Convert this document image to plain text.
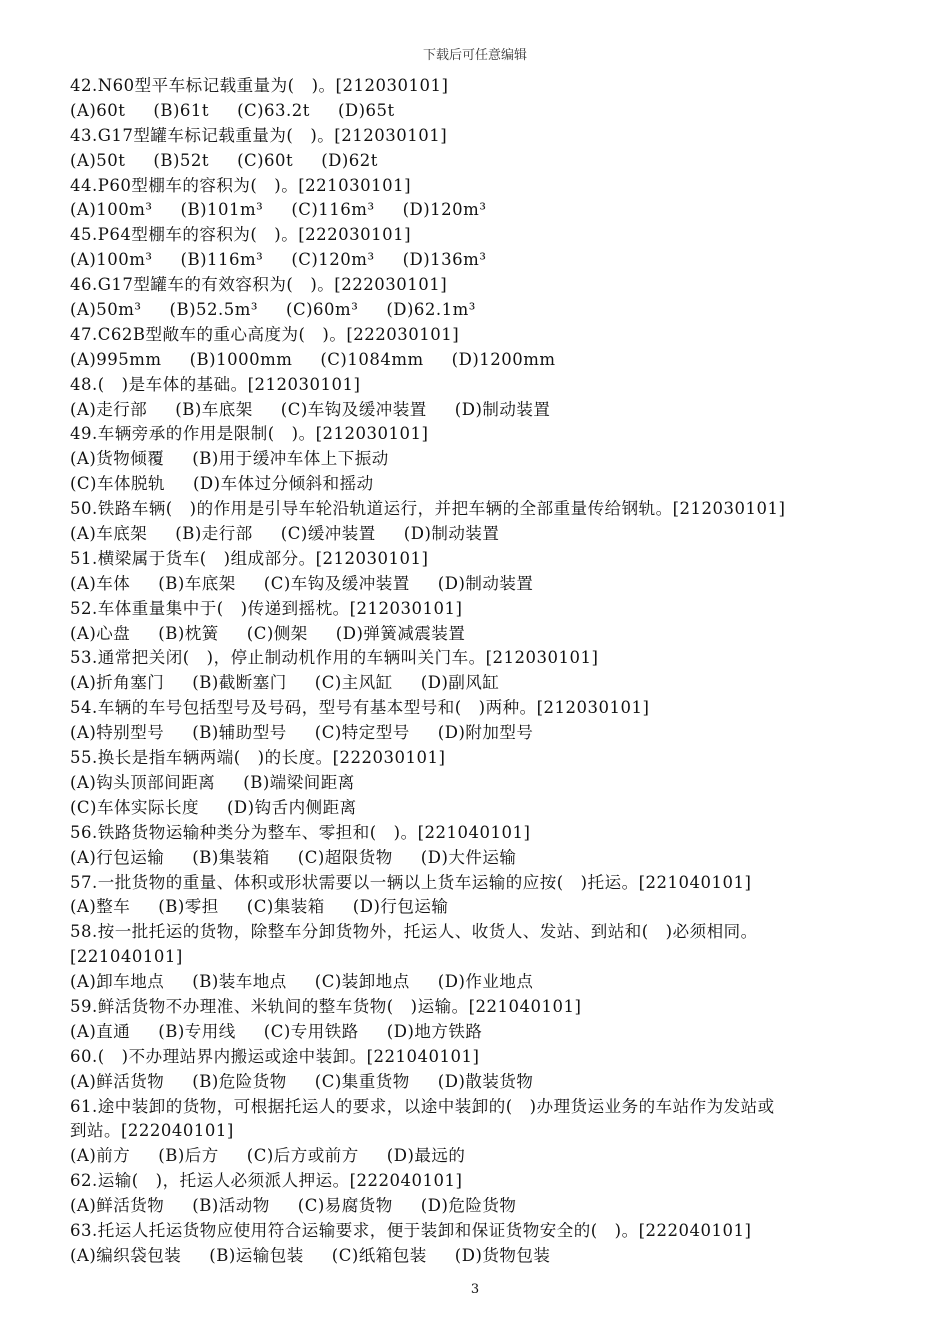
下载后可任意编辑
42.N60型平车标记载重量为(　)。[212030101]
(A)60t (B)61t (C)63.2t (D)65t
43.G17型罐车标记载重量为(　)。[212030101]
(A)50t (B)52t (C)60t (D)62t
44.P60型棚车的容积为(　)。[221030101]
(A)100m³ (B)101m³ (C)116m³ (D)120m³
45.P64型棚车的容积为(　)。[222030101]
(A)100m³ (B)116m³ (C)120m³ (D)136m³
46.G17型罐车的有效容积为(　)。[222030101]
(A)50m³ (B)52.5m³ (C)60m³ (D)62.1m³
47.C62B型敞车的重心高度为(　)。[222030101]
(A)995mm (B)1000mm (C)1084mm (D)1200mm
48.(　)是车体的基础。[212030101]
(A)走行部 (B)车底架 (C)车钩及缓冲装置 (D)制动装置
49.车辆旁承的作用是限制(　)。[212030101]
(A)货物倾覆 (B)用于缓冲车体上下振动
(C)车体脱轨 (D)车体过分倾斜和摇动
50.铁路车辆(　)的作用是引导车轮沿轨道运行，并把车辆的全部重量传给钢轨。[212030101]
(A)车底架 (B)走行部 (C)缓冲装置 (D)制动装置
51.横梁属于货车(　)组成部分。[212030101]
(A)车体 (B)车底架 (C)车钩及缓冲装置 (D)制动装置
52.车体重量集中于(　)传递到摇枕。[212030101]
(A)心盘 (B)枕簧 (C)侧架 (D)弹簧减震装置
53.通常把关闭(　)，停止制动机作用的车辆叫关门车。[212030101]
(A)折角塞门 (B)截断塞门 (C)主风缸 (D)副风缸
54.车辆的车号包括型号及号码，型号有基本型号和(　)两种。[212030101]
(A)特别型号 (B)辅助型号 (C)特定型号 (D)附加型号
55.换长是指车辆两端(　)的长度。[222030101]
(A)钩头顶部间距离 (B)端梁间距离
(C)车体实际长度 (D)钩舌内侧距离
56.铁路货物运输种类分为整车、零担和(　)。[221040101]
(A)行包运输 (B)集装箱 (C)超限货物 (D)大件运输
57.一批货物的重量、体积或形状需要以一辆以上货车运输的应按(　)托运。[221040101]
(A)整车 (B)零担 (C)集装箱 (D)行包运输
58.按一批托运的货物，除整车分卸货物外，托运人、收货人、发站、到站和(　)必须相同。
[221040101]
(A)卸车地点 (B)装车地点 (C)装卸地点 (D)作业地点
59.鲜活货物不办理准、米轨间的整车货物(　)运输。[221040101]
(A)直通 (B)专用线 (C)专用铁路 (D)地方铁路
60.(　)不办理站界内搬运或途中装卸。[221040101]
(A)鲜活货物 (B)危险货物 (C)集重货物 (D)散装货物
61.途中装卸的货物，可根据托运人的要求，以途中装卸的(　)办理货运业务的车站作为发站或
到站。[222040101]
(A)前方 (B)后方 (C)后方或前方 (D)最远的
62.运输(　)，托运人必须派人押运。[222040101]
(A)鲜活货物 (B)活动物 (C)易腐货物 (D)危险货物
63.托运人托运货物应使用符合运输要求，便于装卸和保证货物安全的(　)。[222040101]
(A)编织袋包装 (B)运输包装 (C)纸箱包装 (D)货物包装
3
